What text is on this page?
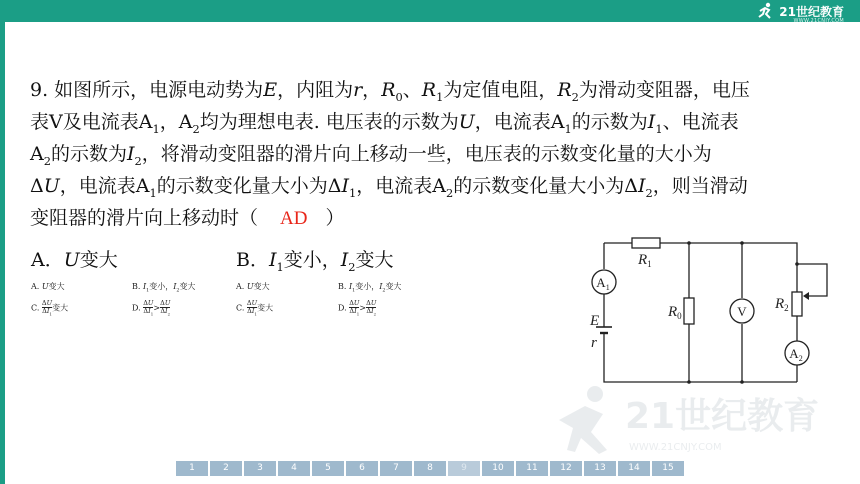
21世纪教育
WWW.21CNJY.COM
9. 如图所示，电源电动势为E，内阻为r，$R_0$、$R_1$为定值电阻，$R_2$为滑动变阻器，电压
表V及电流表$A_1$，$A_2$均为理想电表. 电压表的示数为U，电流表$A_1$的示数为$I_1$、电流表
$A_2$的示数为$I_2$，将滑动变阻器的滑片向上移动一些，电压表的示数变化量的大小为
ΔU，电流表$A_1$的示数变化量大小为$\Delta I_1$，电流表$A_2$的示数变化量大小为$\Delta I_2$，则当滑动
变阻器的滑片向上移动时（ AD ）
A．U变大	B．$I_1$变小，$I_2$变大
A. U变大	B. $I_1$变小，$I_2$变大
C. $\frac{\Delta U}{\Delta I_1}$ 变大	D. $\frac{\Delta U}{\Delta I_1} > \frac{\Delta U}{\Delta I_2}$
A. U变大	B. $I_1$变小，$I_2$变大
C. $\frac{\Delta U}{\Delta I_1}$ 变大	D. $\frac{\Delta U}{\Delta I_1} > \frac{\Delta U}{\Delta I_2}$
$R_1$
$R_0$
$R_2$
E
r
$A_1$
V
$A_2$
21世纪教育
WWW.21CNJY.COM
1	2	3	4	5	6	7	8	9	10	11	12	13	14	15
